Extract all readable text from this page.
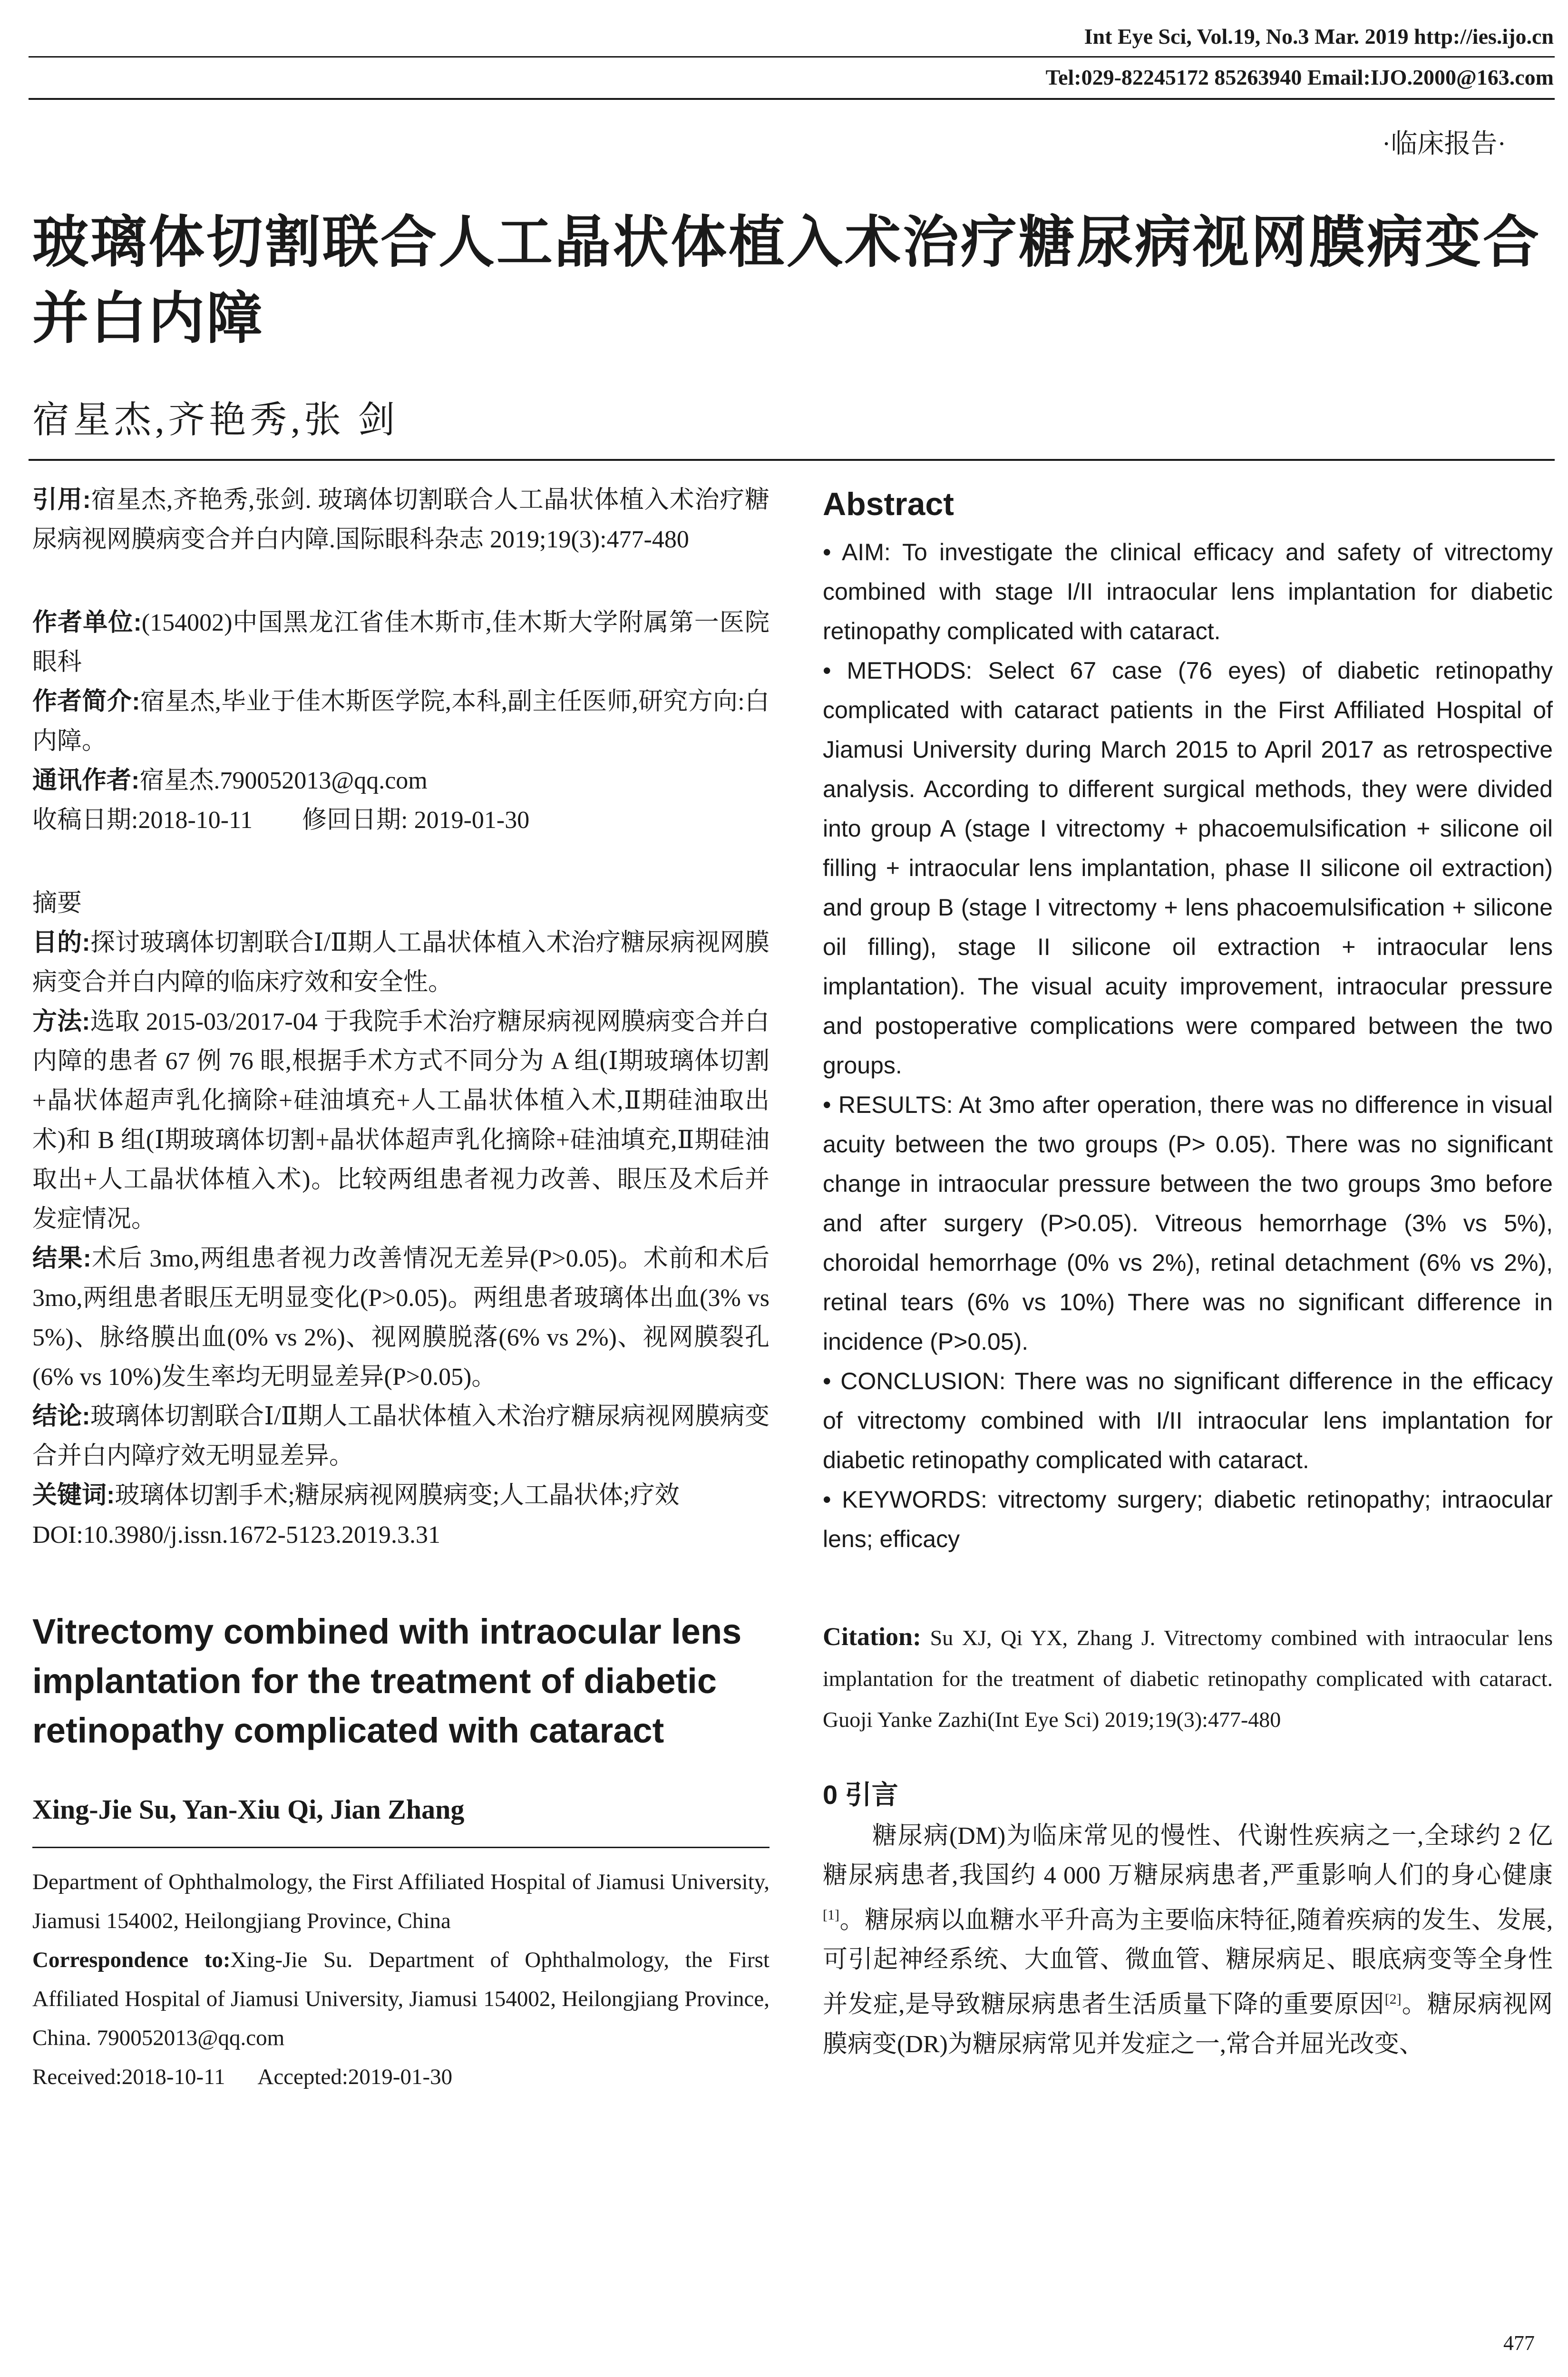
Int Eye Sci, Vol.19, No.3 Mar. 2019 http://ies.ijo.cn
Tel:029-82245172 85263940 Email:IJO.2000@163.com
·临床报告·
玻璃体切割联合人工晶状体植入术治疗糖尿病视网膜病变合并白内障
宿星杰,齐艳秀,张 剑

引用:宿星杰,齐艳秀,张剑. 玻璃体切割联合人工晶状体植入术治疗糖尿病视网膜病变合并白内障.国际眼科杂志 2019;19(3):477-480

作者单位:(154002)中国黑龙江省佳木斯市,佳木斯大学附属第一医院眼科

作者简介:宿星杰,毕业于佳木斯医学院,本科,副主任医师,研究方向:白内障。

通讯作者:宿星杰.790052013@qq.com

收稿日期:2018-10-11        修回日期: 2019-01-30

摘要

目的:探讨玻璃体切割联合Ⅰ/Ⅱ期人工晶状体植入术治疗糖尿病视网膜病变合并白内障的临床疗效和安全性。

方法:选取 2015-03/2017-04 于我院手术治疗糖尿病视网膜病变合并白内障的患者 67 例 76 眼,根据手术方式不同分为 A 组(Ⅰ期玻璃体切割+晶状体超声乳化摘除+硅油填充+人工晶状体植入术,Ⅱ期硅油取出术)和 B 组(Ⅰ期玻璃体切割+晶状体超声乳化摘除+硅油填充,Ⅱ期硅油取出+人工晶状体植入术)。比较两组患者视力改善、眼压及术后并发症情况。

结果:术后 3mo,两组患者视力改善情况无差异(P>0.05)。术前和术后 3mo,两组患者眼压无明显变化(P>0.05)。两组患者玻璃体出血(3% vs 5%)、脉络膜出血(0% vs 2%)、视网膜脱落(6% vs 2%)、视网膜裂孔(6% vs 10%)发生率均无明显差异(P>0.05)。

结论:玻璃体切割联合Ⅰ/Ⅱ期人工晶状体植入术治疗糖尿病视网膜病变合并白内障疗效无明显差异。

关键词:玻璃体切割手术;糖尿病视网膜病变;人工晶状体;疗效

DOI:10.3980/j.issn.1672-5123.2019.3.31

Vitrectomy combined with intraocular lens implantation for the treatment of diabetic retinopathy complicated with cataract

Xing-Jie Su, Yan-Xiu Qi, Jian Zhang

Department of Ophthalmology, the First Affiliated Hospital of Jiamusi University, Jiamusi 154002, Heilongjiang Province, China

Correspondence to:Xing-Jie Su. Department of Ophthalmology, the First Affiliated Hospital of Jiamusi University, Jiamusi 154002, Heilongjiang Province, China. 790052013@qq.com

Received:2018-10-11      Accepted:2019-01-30

Abstract

• AIM: To investigate the clinical efficacy and safety of vitrectomy combined with stage I/II intraocular lens implantation for diabetic retinopathy complicated with cataract.

• METHODS: Select 67 case (76 eyes) of diabetic retinopathy complicated with cataract patients in the First Affiliated Hospital of Jiamusi University during March 2015 to April 2017 as retrospective analysis. According to different surgical methods, they were divided into group A (stage I vitrectomy + phacoemulsification + silicone oil filling + intraocular lens implantation, phase II silicone oil extraction) and group B (stage I vitrectomy + lens phacoemulsification + silicone oil filling), stage II silicone oil extraction + intraocular lens implantation). The visual acuity improvement, intraocular pressure and postoperative complications were compared between the two groups.

• RESULTS: At 3mo after operation, there was no difference in visual acuity between the two groups (P> 0.05). There was no significant change in intraocular pressure between the two groups 3mo before and after surgery (P>0.05). Vitreous hemorrhage (3% vs 5%), choroidal hemorrhage (0% vs 2%), retinal detachment (6% vs 2%), retinal tears (6% vs 10%) There was no significant difference in incidence (P>0.05).

• CONCLUSION: There was no significant difference in the efficacy of vitrectomy combined with I/II intraocular lens implantation for diabetic retinopathy complicated with cataract.

• KEYWORDS: vitrectomy surgery; diabetic retinopathy; intraocular lens; efficacy

Citation: Su XJ, Qi YX, Zhang J. Vitrectomy combined with intraocular lens implantation for the treatment of diabetic retinopathy complicated with cataract. Guoji Yanke Zazhi(Int Eye Sci) 2019;19(3):477-480

0 引言

糖尿病(DM)为临床常见的慢性、代谢性疾病之一,全球约 2 亿糖尿病患者,我国约 4 000 万糖尿病患者,严重影响人们的身心健康[1]。糖尿病以血糖水平升高为主要临床特征,随着疾病的发生、发展,可引起神经系统、大血管、微血管、糖尿病足、眼底病变等全身性并发症,是导致糖尿病患者生活质量下降的重要原因[2]。糖尿病视网膜病变(DR)为糖尿病常见并发症之一,常合并屈光改变、

477
